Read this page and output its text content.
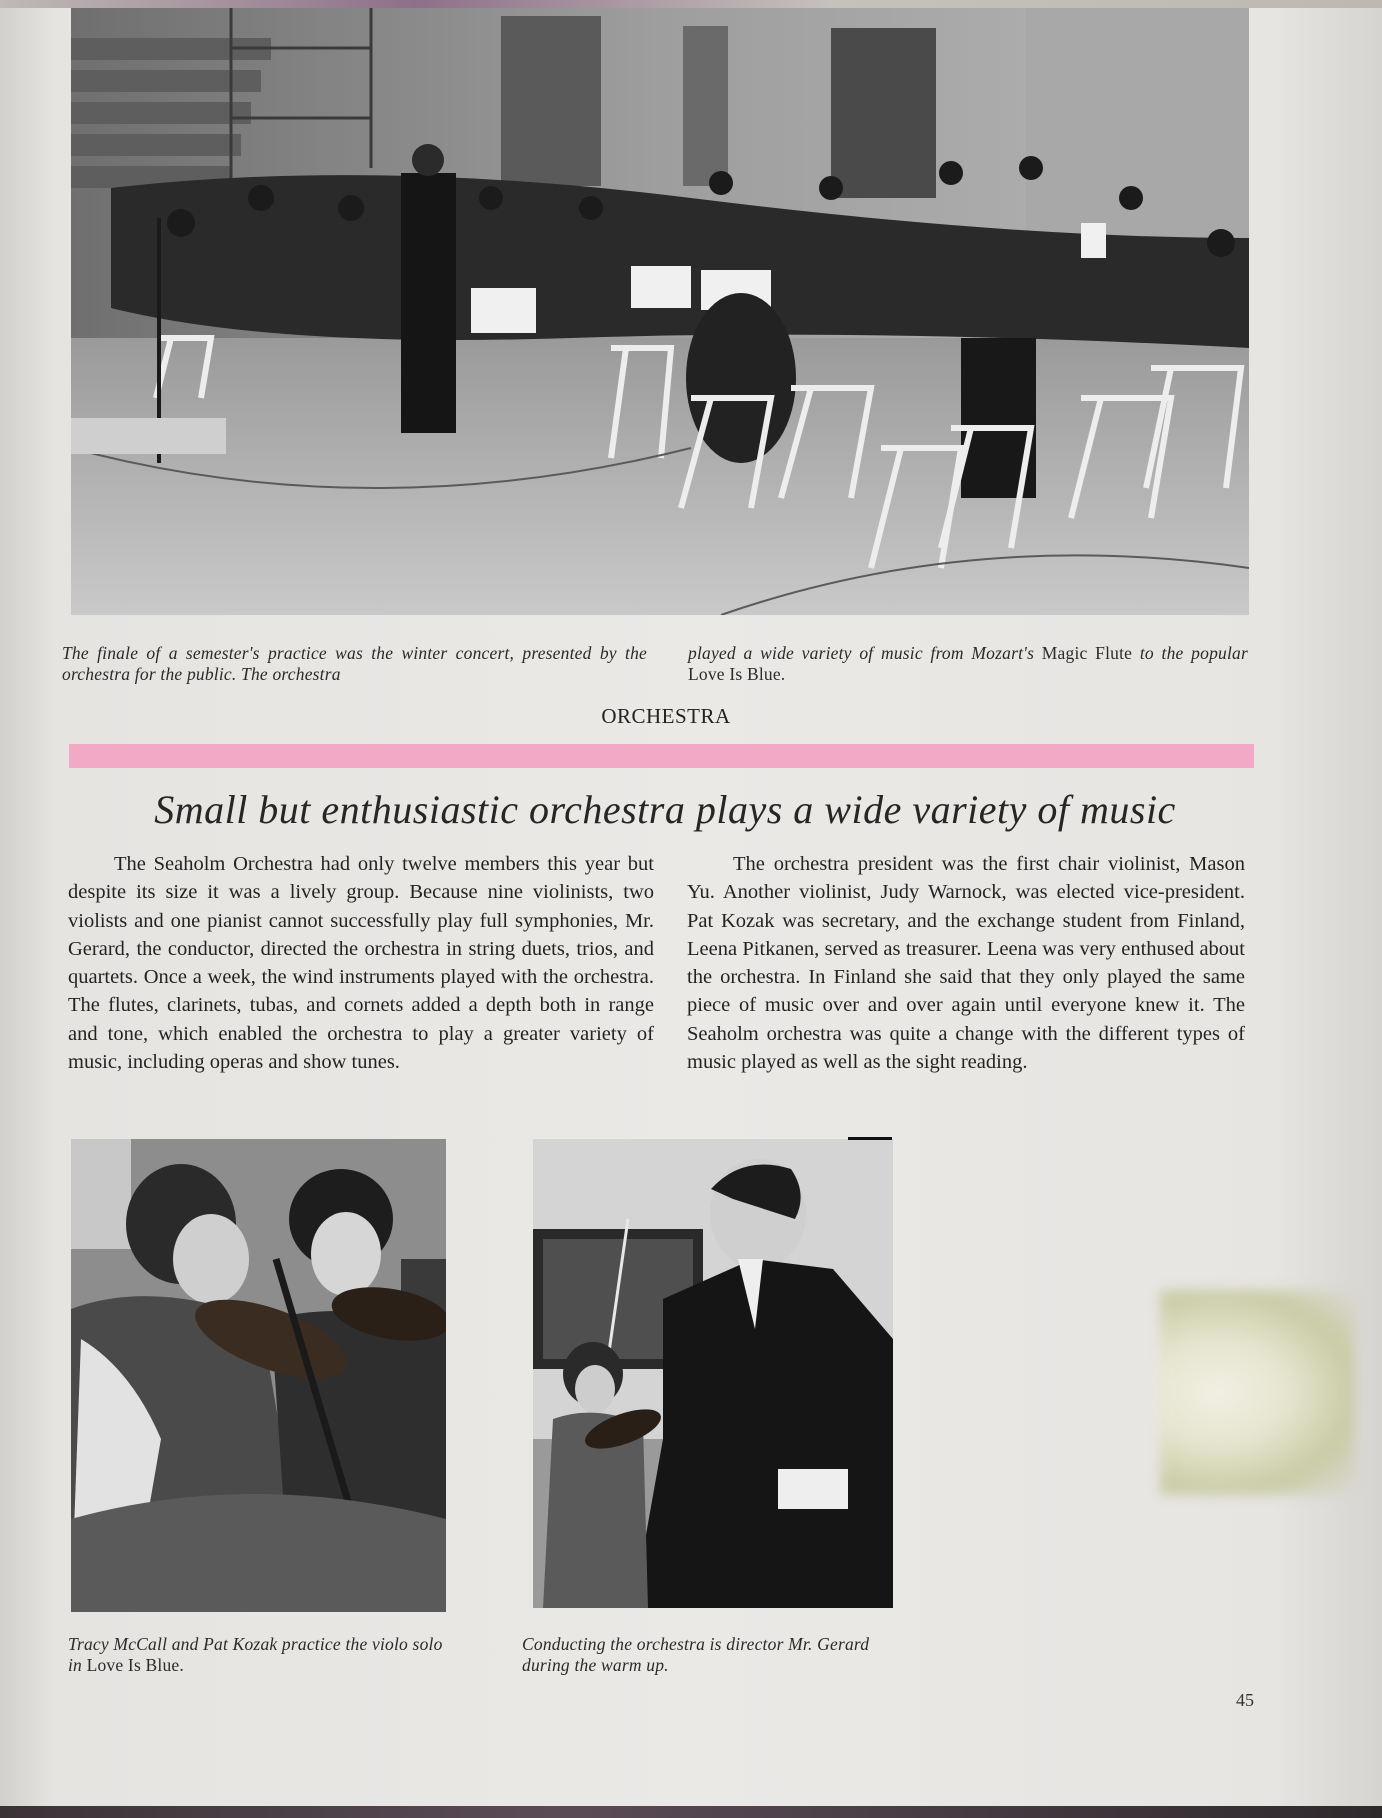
The finale of a semester's practice was the winter concert, presented by the orchestra for the public. The orchestra
played a wide variety of music from Mozart's Magic Flute to the popular Love Is Blue.
ORCHESTRA
Small but enthusiastic orchestra plays a wide variety of music

The Seaholm Orchestra had only twelve members this year but despite its size it was a lively group. Because nine violinists, two violists and one pianist cannot successfully play full symphonies, Mr. Gerard, the conductor, directed the orchestra in string duets, trios, and quartets. Once a week, the wind instruments played with the orchestra. The flutes, clarinets, tubas, and cornets added a depth both in range and tone, which enabled the orchestra to play a greater variety of music, including operas and show tunes.

The orchestra president was the first chair violinist, Mason Yu. Another violinist, Judy Warnock, was elected vice-president. Pat Kozak was secretary, and the exchange student from Finland, Leena Pitkanen, served as treasurer. Leena was very enthused about the orchestra. In Finland she said that they only played the same piece of music over and over again until everyone knew it. The Seaholm orchestra was quite a change with the different types of music played as well as the sight reading.

Tracy McCall and Pat Kozak practice the violo solo in Love Is Blue.
Conducting the orchestra is director Mr. Gerard during the warm up.
45
